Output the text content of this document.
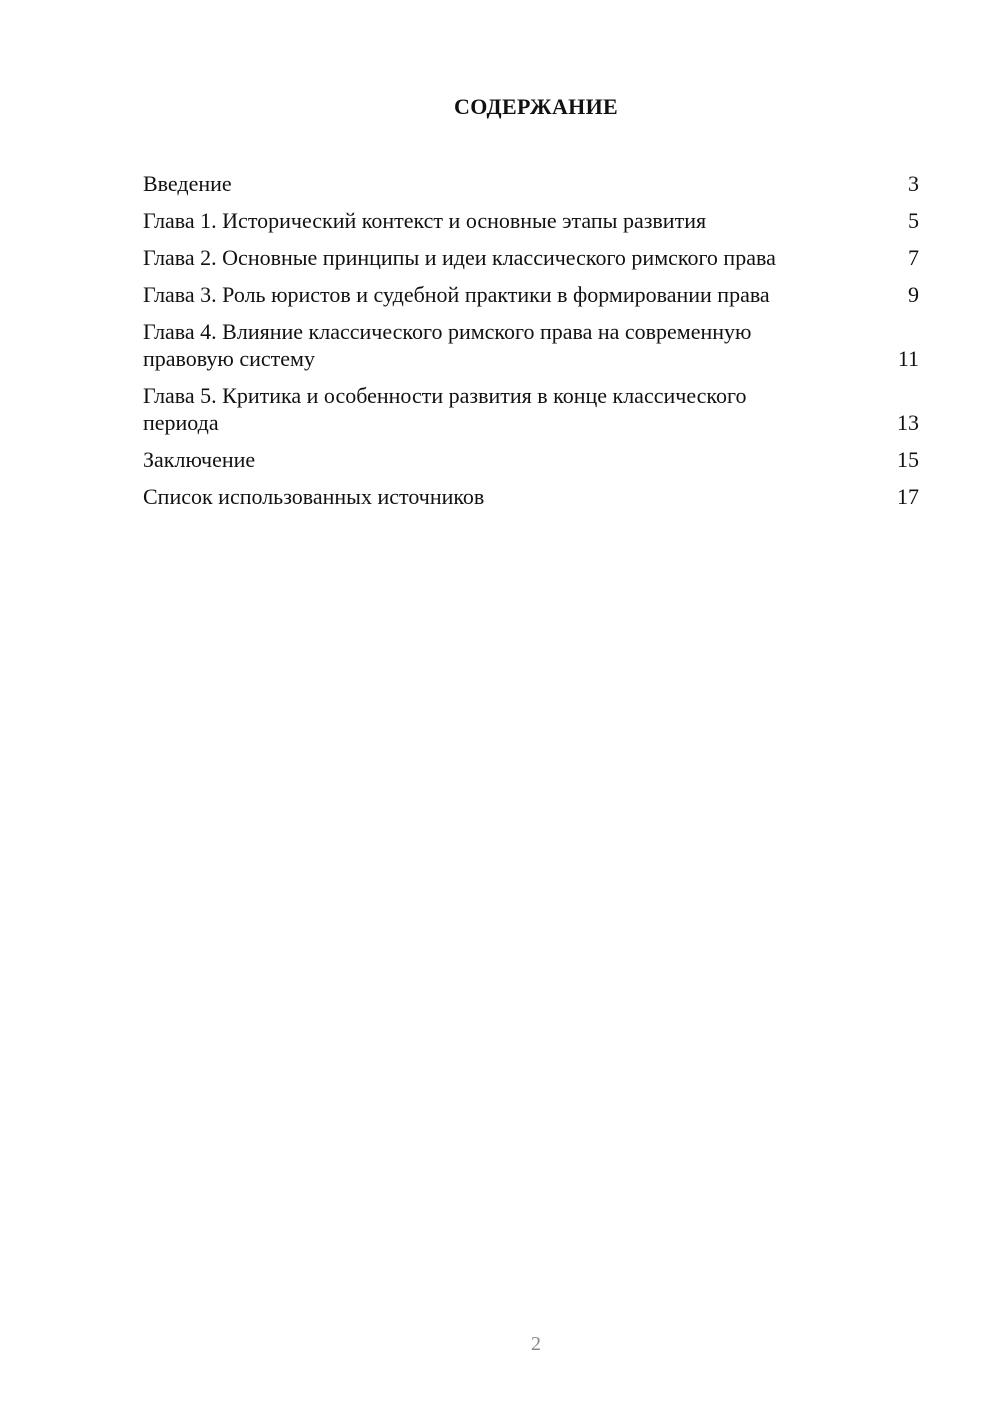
СОДЕРЖАНИЕ
Введение	3
Глава 1. Исторический контекст и основные этапы развития	5
Глава 2. Основные принципы и идеи классического римского права	7
Глава 3. Роль юристов и судебной практики в формировании права	9
Глава 4. Влияние классического римского права на современную правовую систему	11
Глава 5. Критика и особенности развития в конце классического периода	13
Заключение	15
Список использованных источников	17
2
